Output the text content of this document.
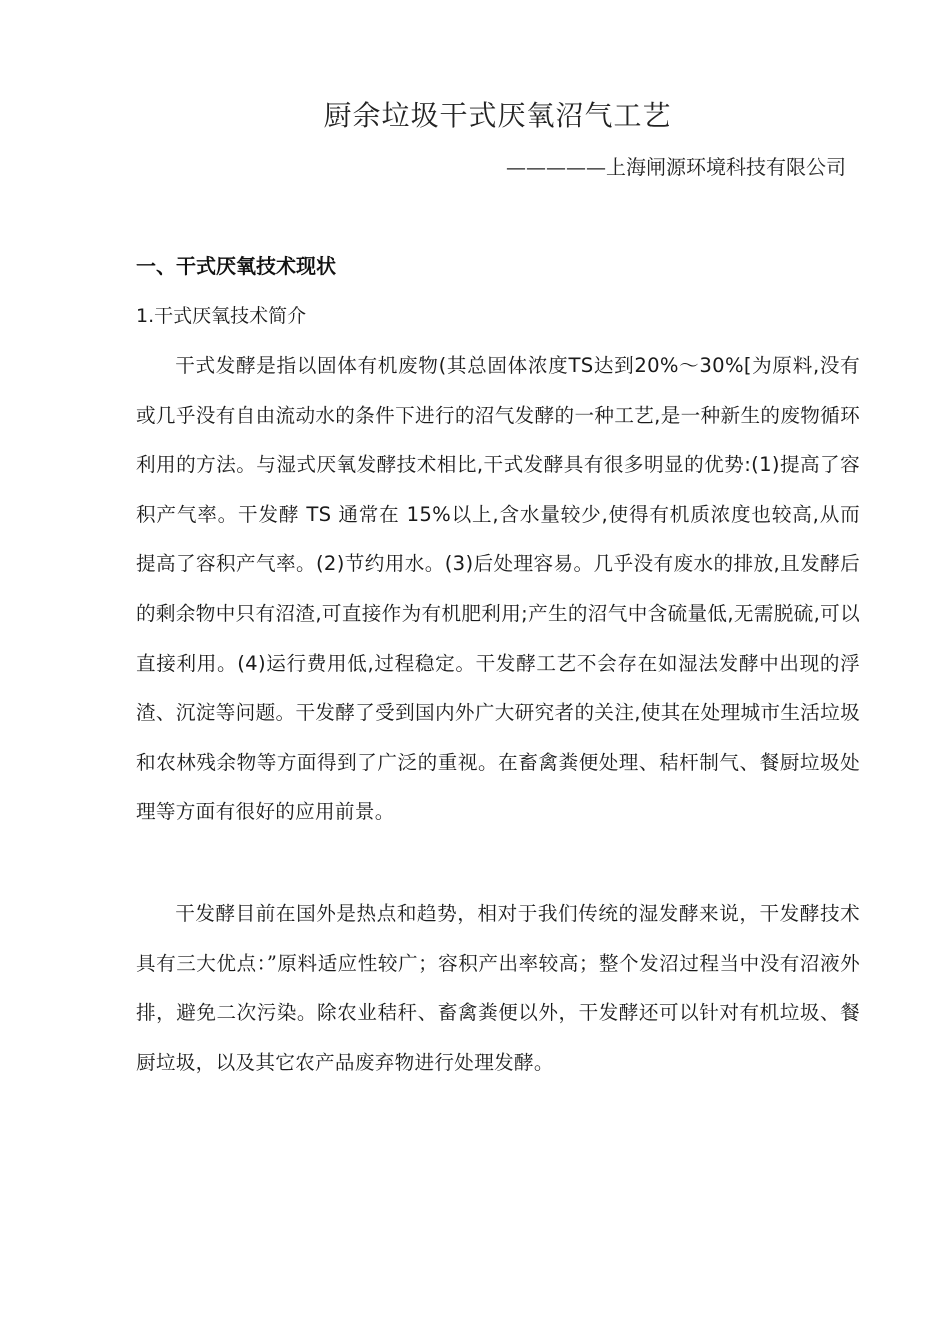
厨余垃圾干式厌氧沼气工艺
—————上海闸源环境科技有限公司
一、干式厌氧技术现状
1.干式厌氧技术简介

干式发酵是指以固体有机废物(其总固体浓度TS达到20%～30%[为原料,没有或几乎没有自由流动水的条件下进行的沼气发酵的一种工艺,是一种新生的废物循环利用的方法。与湿式厌氧发酵技术相比,干式发酵具有很多明显的优势:(1)提高了容积产气率。干发酵 TS 通常在 15%以上,含水量较少,使得有机质浓度也较高,从而提高了容积产气率。(2)节约用水。(3)后处理容易。几乎没有废水的排放,且发酵后的剩余物中只有沼渣,可直接作为有机肥利用;产生的沼气中含硫量低,无需脱硫,可以直接利用。(4)运行费用低,过程稳定。干发酵工艺不会存在如湿法发酵中出现的浮渣、沉淀等问题。干发酵了受到国内外广大研究者的关注,使其在处理城市生活垃圾和农林残余物等方面得到了广泛的重视。在畜禽粪便处理、秸杆制气、餐厨垃圾处理等方面有很好的应用前景。

干发酵目前在国外是热点和趋势，相对于我们传统的湿发酵来说，干发酵技术具有三大优点：”原料适应性较广；容积产出率较高；整个发沼过程当中没有沼液外排，避免二次污染。除农业秸秆、畜禽粪便以外，干发酵还可以针对有机垃圾、餐厨垃圾，以及其它农产品废弃物进行处理发酵。
